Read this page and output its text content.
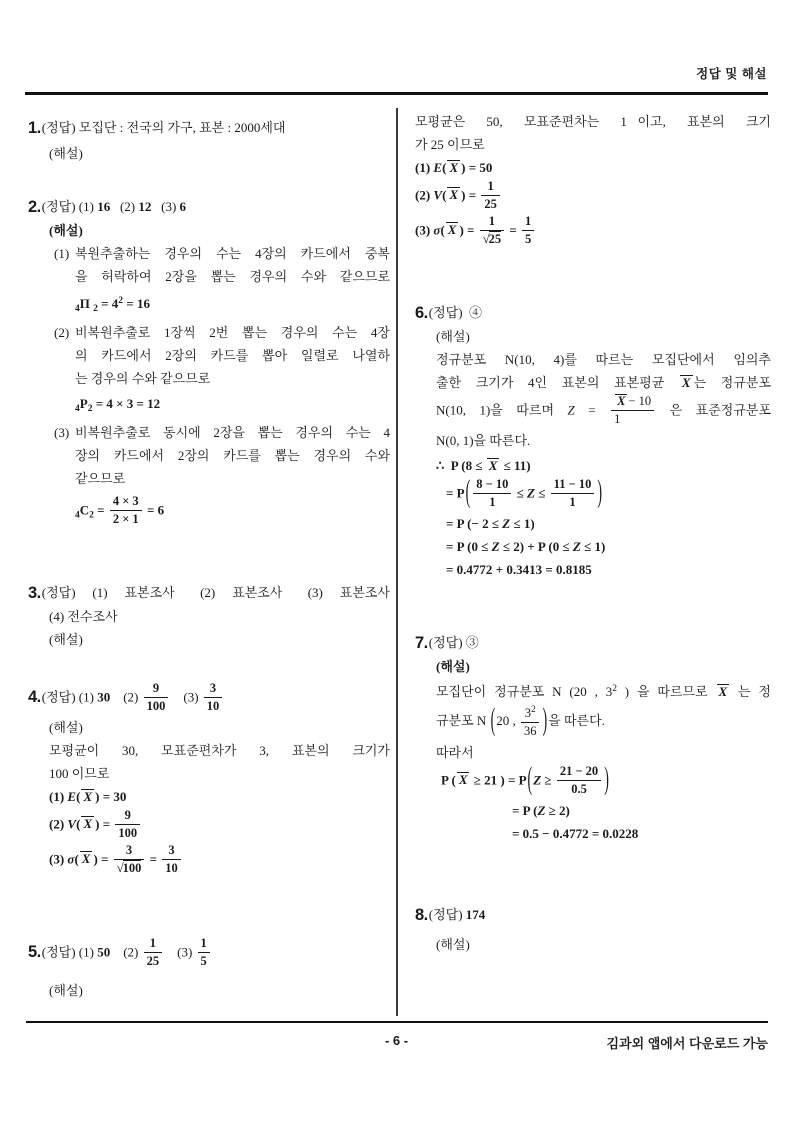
정답 및 해설
1.(정답) 모집단 : 전국의 가구, 표본 : 2000세대
(해설)
2.(정답) (1) 16   (2) 12   (3) 6
(해설)
(1) 복원추출하는 경우의 수는 4장의 카드에서 중복
을 허락하여 2장을 뽑는 경우의 수와 같으므로
$_4$Π $_2 = 4^2 = 16$
(2) 비복원추출로 1장씩 2번 뽑는 경우의 수는 4장
의 카드에서 2장의 카드를 뽑아 일렬로 나열하
는 경우의 수와 같으므로
$_4P_2 = 4 \times 3 = 12$
(3) 비복원추출로 동시에 2장을 뽑는 경우의 수는 4
장의 카드에서 2장의 카드를 뽑는 경우의 수와
같으므로
$_4C_2 = \frac{4 \times 3}{2 \times 1} = 6$
3.(정답)  (1)  표본조사   (2)  표본조사   (3)  표본조사
(4) 전수조사
(해설)
4.(정답) (1) 30    $(2) \frac{9}{100} (3) \frac{3}{10}$
(해설)
모평균이  30,  모표준편차가  3,  표본의  크기가
100 이므로
(1) E( X ) = 30
(2) V( X ) = $\frac{9}{100}$
(3) σ( X ) = $\frac{3}{√100} = \frac{3}{10}$
5.(정답) (1) 50    $(2) \frac{1}{25} (3) \frac{1}{5}$
(해설)
모평균은  50,  모표준편차는  1 이고,  표본의  크기
가 25 이므로
(1) E( X ) = 50
(2) V( X ) = $\frac{1}{25}$
(3) σ( X ) = $\frac{1}{√25} = \frac{1}{5}$
6.(정답)  ④
(해설)
정규분포 N(10, 4)를 따르는 모집단에서 임의추
출한 크기가 4인 표본의 표본평균 X 는 정규분포
N(10, 1)을 따르며 $Z = \frac{X - 10}{1}$ 은 표준정규분포
N(0, 1)을 따른다.
∴  P (8 ≤ X ≤ 11)
= $P( \frac{8 - 10}{1} \le Z \le \frac{11 - 10}{1}$ )
= P (− 2 ≤ Z ≤ 1)
= P (0 ≤ Z ≤ 2) + P (0 ≤ Z ≤ 1)
= 0.4772 + 0.3413 = 0.8185
7.(정답) ③
(해설)
모집단이 정규분포 N (20 , $3^2$ ) 을 따르므로 X 는 정
규분포 N (20 , $\frac{3^2}{36}$ )을 따른다.
따라서
P ( X ≥ 21 ) = $P(Z \ge \frac{21 - 20}{0.5}$ )
= P (Z ≥ 2)
= 0.5 − 0.4772 = 0.0228
8.(정답) 174
(해설)
- 6 -	김과외 앱에서 다운로드 가능
